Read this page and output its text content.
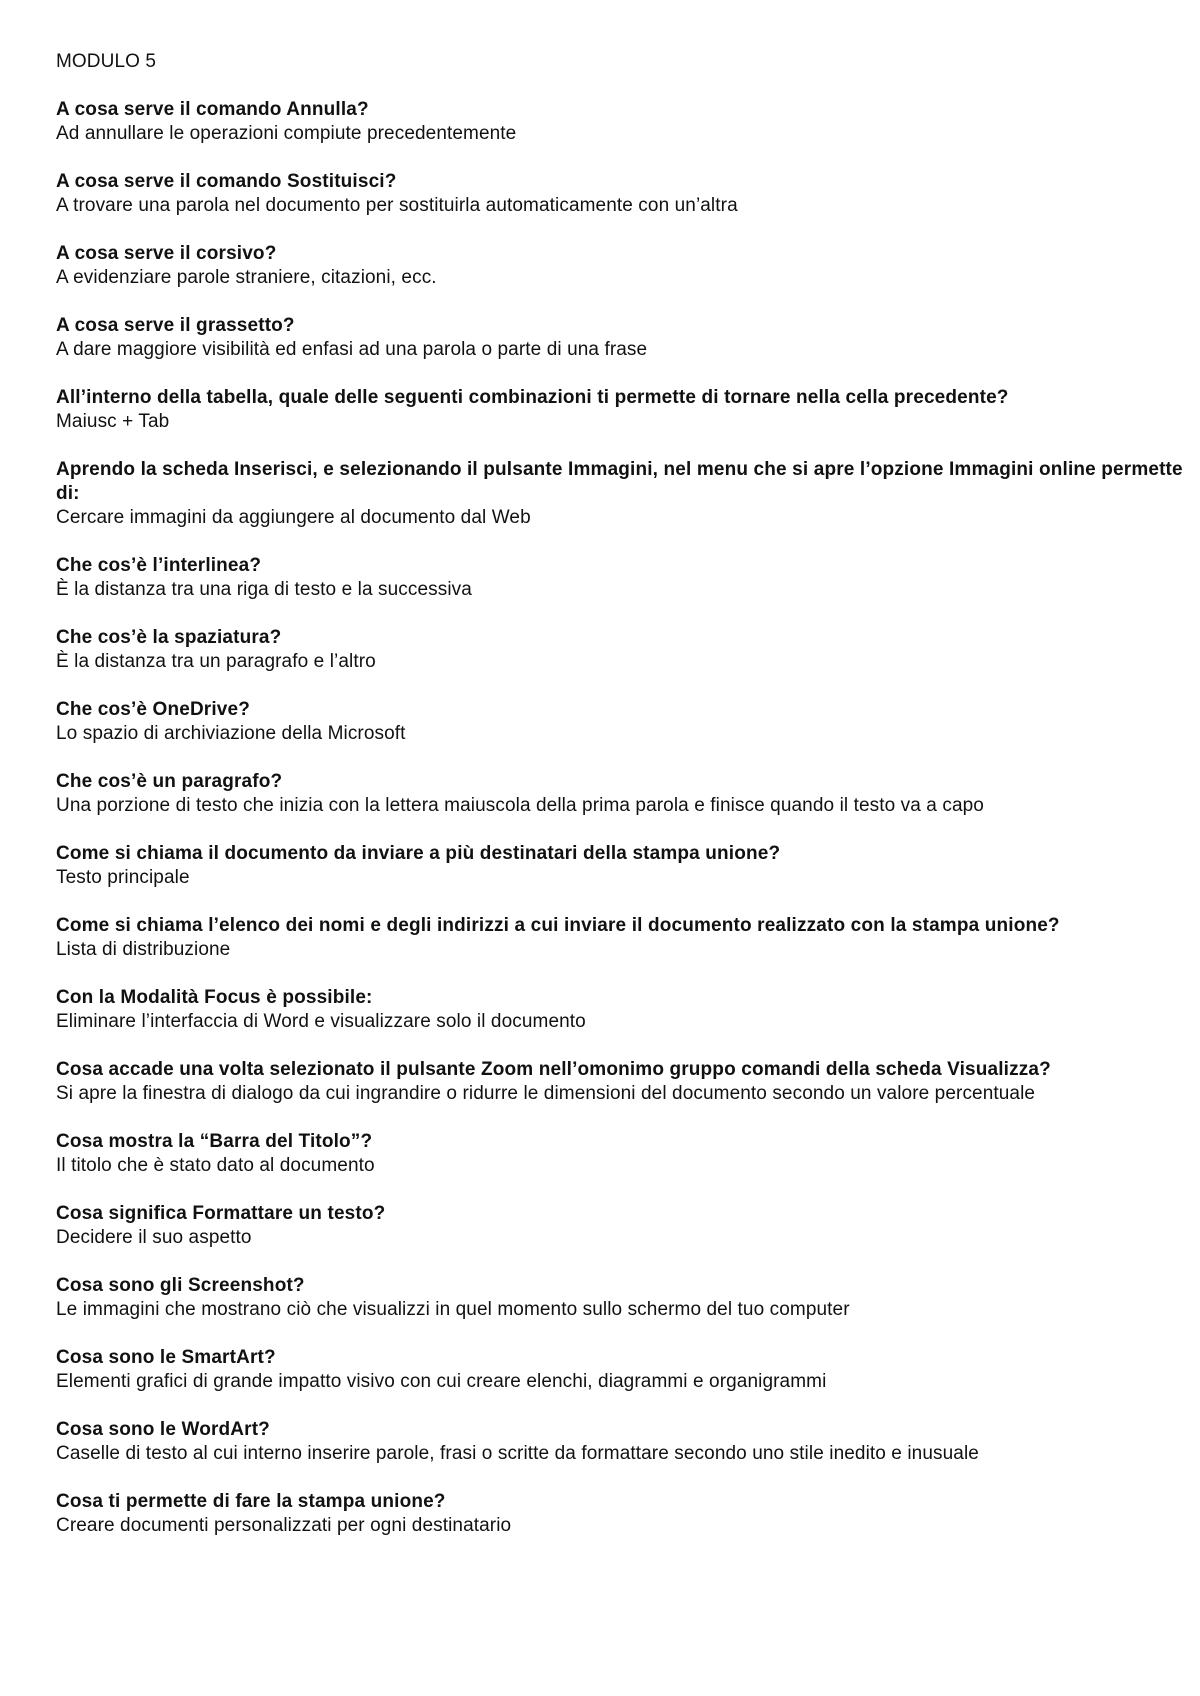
MODULO 5
A cosa serve il comando Annulla?
Ad annullare le operazioni compiute precedentemente
A cosa serve il comando Sostituisci?
A trovare una parola nel documento per sostituirla automaticamente con un’altra
A cosa serve il corsivo?
A evidenziare parole straniere, citazioni, ecc.
A cosa serve il grassetto?
A dare maggiore visibilità ed enfasi ad una parola o parte di una frase
All’interno della tabella, quale delle seguenti combinazioni ti permette di tornare nella cella precedente?
Maiusc + Tab
Aprendo la scheda Inserisci, e selezionando il pulsante Immagini, nel menu che si apre l’opzione Immagini online permette di:
Cercare immagini da aggiungere al documento dal Web
Che cos’è l’interlinea?
È la distanza tra una riga di testo e la successiva
Che cos’è la spaziatura?
È la distanza tra un paragrafo e l’altro
Che cos’è OneDrive?
Lo spazio di archiviazione della Microsoft
Che cos’è un paragrafo?
Una porzione di testo che inizia con la lettera maiuscola della prima parola e finisce quando il testo va a capo
Come si chiama il documento da inviare a più destinatari della stampa unione?
Testo principale
Come si chiama l’elenco dei nomi e degli indirizzi a cui inviare il documento realizzato con la stampa unione?
Lista di distribuzione
Con la Modalità Focus è possibile:
Eliminare l’interfaccia di Word e visualizzare solo il documento
Cosa accade una volta selezionato il pulsante Zoom nell’omonimo gruppo comandi della scheda Visualizza?
Si apre la finestra di dialogo da cui ingrandire o ridurre le dimensioni del documento secondo un valore percentuale
Cosa mostra la “Barra del Titolo”?
Il titolo che è stato dato al documento
Cosa significa Formattare un testo?
Decidere il suo aspetto
Cosa sono gli Screenshot?
Le immagini che mostrano ciò che visualizzi in quel momento sullo schermo del tuo computer
Cosa sono le SmartArt?
Elementi grafici di grande impatto visivo con cui creare elenchi, diagrammi e organigrammi
Cosa sono le WordArt?
Caselle di testo al cui interno inserire parole, frasi o scritte da formattare secondo uno stile inedito e inusuale
Cosa ti permette di fare la stampa unione?
Creare documenti personalizzati per ogni destinatario
